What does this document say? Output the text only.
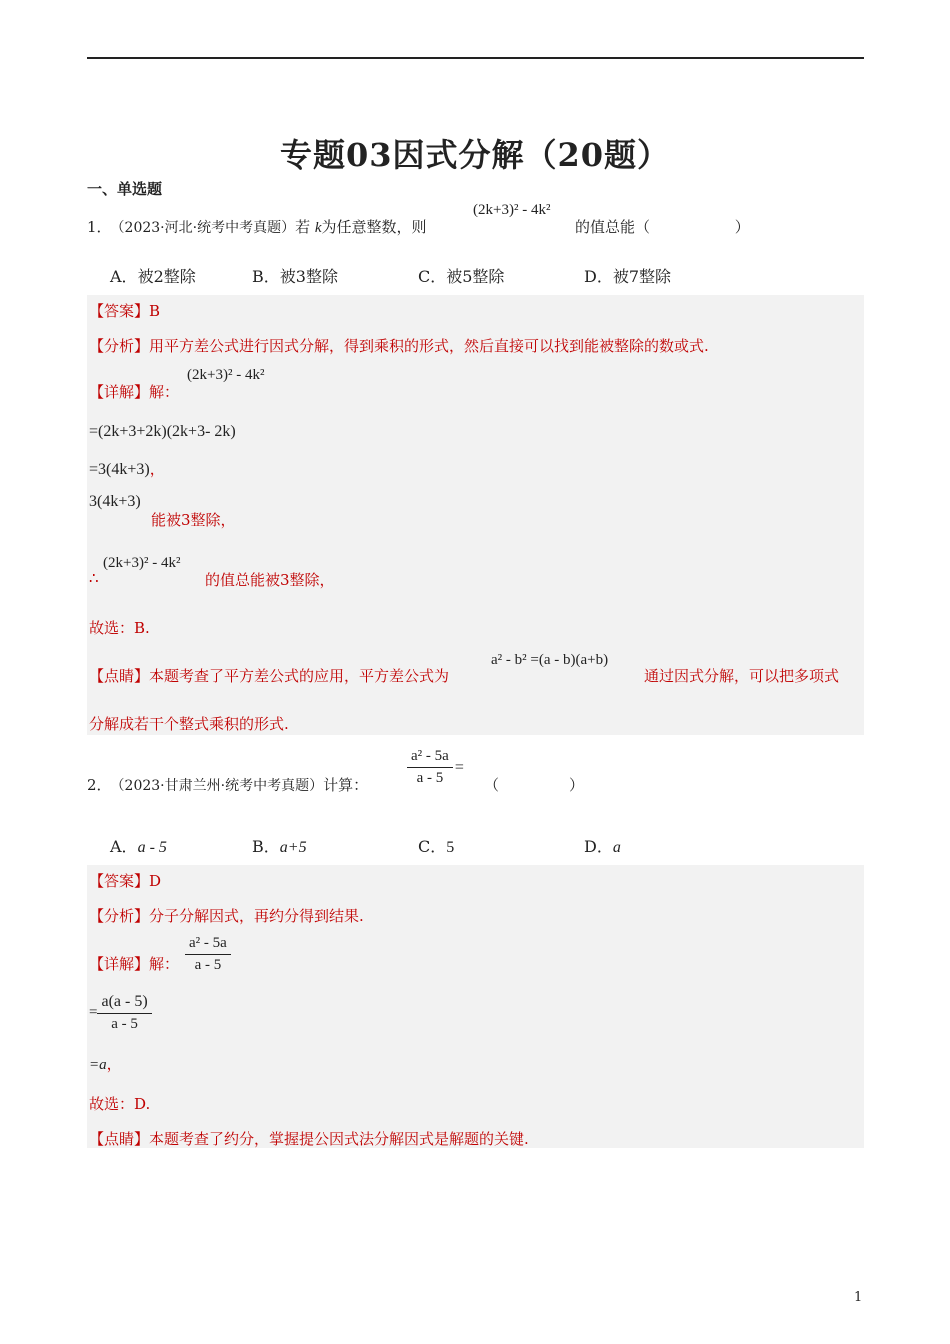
专题03因式分解（20题）
一、单选题
1． （2023·河北·统考中考真题）若 k为任意整数，则
(2k+3)² - 4k²
的值总能（	）
A．被2整除	B．被3整除	C．被5整除	D．被7整除
【答案】B
【分析】用平方差公式进行因式分解，得到乘积的形式，然后直接可以找到能被整除的数或式.
【详解】解：
(2k+3)² - 4k²
=(2k+3+2k)(2k+3- 2k)
=3(4k+3)，
3(4k+3)
能被3整除，
∴
(2k+3)² - 4k²
的值总能被3整除，
故选：B.
【点睛】本题考查了平方差公式的应用，平方差公式为
a² - b² =(a - b)(a+b)
通过因式分解，可以把多项式
分解成若干个整式乘积的形式.
2． （2023·甘肃兰州·统考中考真题）计算：	$\frac{\text{a² - 5a}}{a - 5}$ =
（	）
A．a - 5	B．a+5	C．5	D．a
【答案】D
【分析】分子分解因式，再约分得到结果.
【详解】解： $\frac{\text{a² - 5a}}{a - 5}$
= $\frac{a(a - 5)}{a - 5}$
=a，
故选：D.
【点睛】本题考查了约分，掌握提公因式法分解因式是解题的关键.
1
